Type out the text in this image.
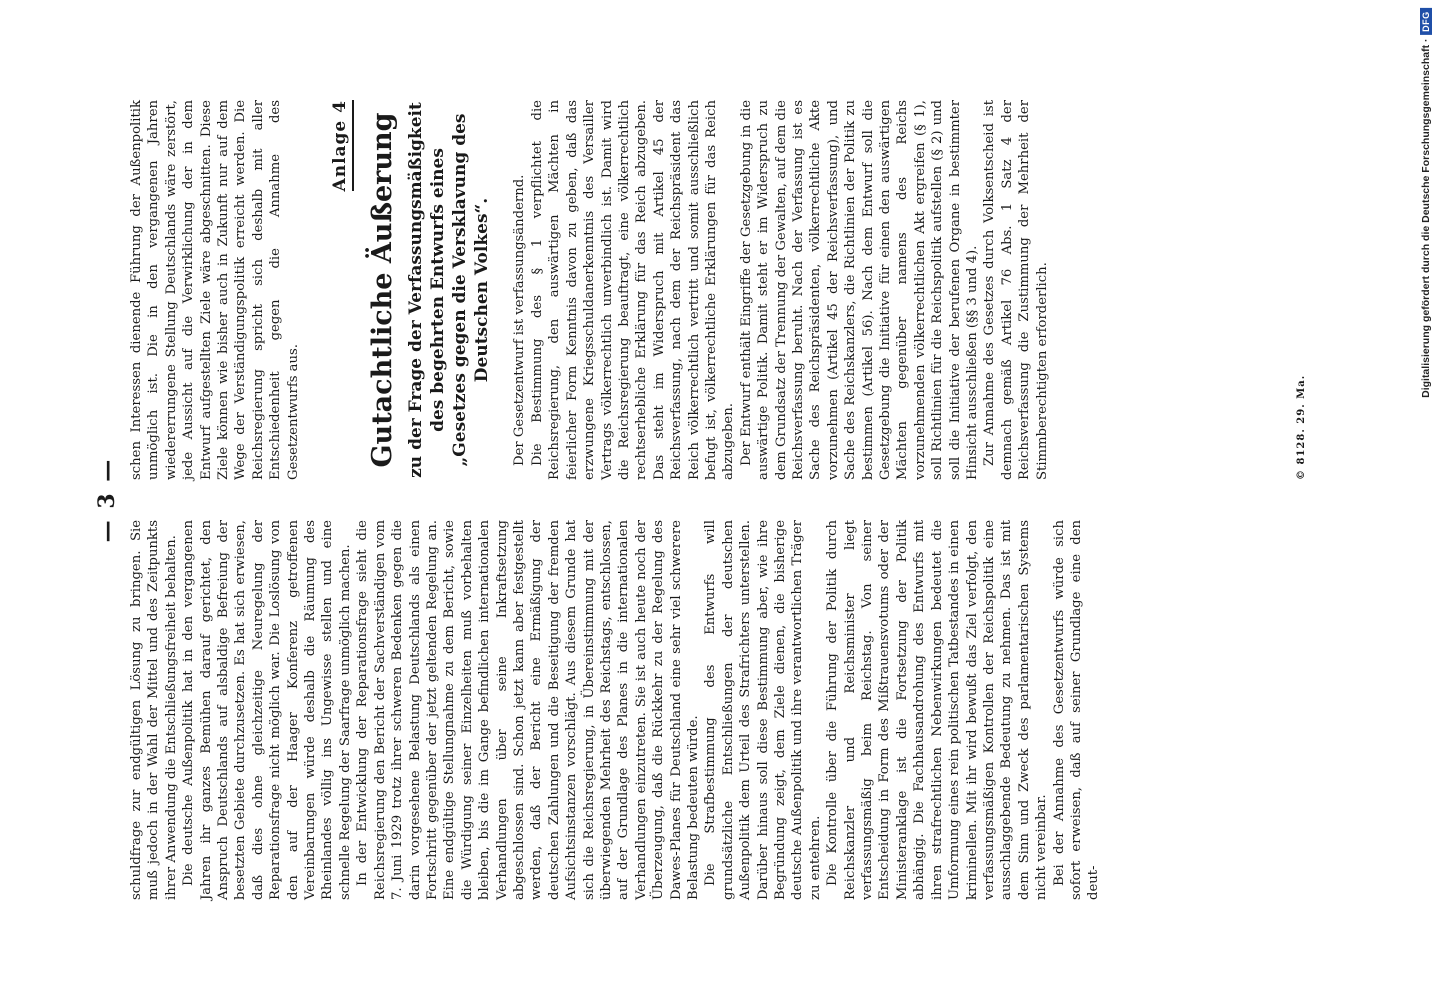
— 3 —

schuldfrage zur endgültigen Lösung zu bringen. Sie muß jedoch in der Wahl der Mittel und des Zeitpunkts ihrer Anwendung die Entschließungsfreiheit behalten. Die deutsche Außenpolitik hat in den vergangenen Jahren ihr ganzes Bemühen darauf gerichtet, den Anspruch Deutschlands auf alsbaldige Befreiung der besetzten Gebiete durchzusetzen. Es hat sich erwiesen, daß dies ohne gleichzeitige Neuregelung der Reparationsfrage nicht möglich war. Die Loslösung von den auf der Haager Konferenz getroffenen Vereinbarungen würde deshalb die Räumung des Rheinlandes völlig ins Ungewisse stellen und eine schnelle Regelung der Saarfrage unmöglich machen. In der Entwicklung der Reparationsfrage sieht die Reichsregierung den Bericht der Sachverständigen vom 7. Juni 1929 trotz ihrer schweren Bedenken gegen die darin vorgesehene Belastung Deutschlands als einen Fortschritt gegenüber der jetzt geltenden Regelung an. Eine endgültige Stellungnahme zu dem Bericht, sowie die Würdigung seiner Einzelheiten muß vorbehalten bleiben, bis die im Gange befindlichen internationalen Verhandlungen über seine Inkraftsetzung abgeschlossen sind. Schon jetzt kann aber festgestellt werden, daß der Bericht eine Ermäßigung der deutschen Zahlungen und die Beseitigung der fremden Aufsichtsinstanzen vorschlägt. Aus diesem Grunde hat sich die Reichsregierung, in Übereinstimmung mit der überwiegenden Mehrheit des Reichstags, entschlossen, auf der Grundlage des Planes in die internationalen Verhandlungen einzutreten. Sie ist auch heute noch der Überzeugung, daß die Rückkehr zu der Regelung des Dawes-Planes für Deutschland eine sehr viel schwerere Belastung bedeuten würde. Die Strafbestimmung des Entwurfs will grundsätzliche Entschließungen der deutschen Außenpolitik dem Urteil des Strafrichters unterstellen. Darüber hinaus soll diese Bestimmung aber, wie ihre Begründung zeigt, dem Ziele dienen, die bisherige deutsche Außenpolitik und ihre verantwortlichen Träger zu entehren. Die Kontrolle über die Führung der Politik durch Reichskanzler und Reichsminister liegt verfassungsmäßig beim Reichstag. Von seiner Entscheidung in Form des Mißtrauensvotums oder der Ministeranklage ist die Fortsetzung der Politik abhängig. Die Fachhausandrohung des Entwurfs mit ihren strafrechtlichen Nebenwirkungen bedeutet die Umformung eines rein politischen Tatbestandes in einen kriminellen. Mit ihr wird bewußt das Ziel verfolgt, den verfassungsmäßigen Kontrollen der Reichspolitik eine ausschlaggebende Bedeutung zu nehmen. Das ist mit dem Sinn und Zweck des parlamentarischen Systems nicht vereinbar. Bei der Annahme des Gesetzentwurfs würde sich sofort erweisen, daß auf seiner Grundlage eine den deut-

schen Interessen dienende Führung der Außenpolitik unmöglich ist. Die in den vergangenen Jahren wiedererrungene Stellung Deutschlands wäre zerstört, jede Aussicht auf die Verwirklichung der in dem Entwurf aufgestellten Ziele wäre abgeschnitten. Diese Ziele können wie bisher auch in Zukunft nur auf dem Wege der Verständigungspolitik erreicht werden. Die Reichsregierung spricht sich deshalb mit aller Entschiedenheit gegen die Annahme des Gesetzentwurfs aus.

Anlage 4 Gutachtliche Äußerung zu der Frage der Verfassungsmäßigkeit des begehrten Entwurfs eines „Gesetzes gegen die Versklavung des Deutschen Volkes“. Der Gesetzentwurf ist verfassungsändernd. Die Bestimmung des § 1 verpflichtet die Reichsregierung, den auswärtigen Mächten in feierlicher Form Kenntnis davon zu geben, daß das erzwungene Kriegsschuldanerkenntnis des Versailler Vertrags völkerrechtlich unverbindlich ist. Damit wird die Reichsregierung beauftragt, eine völkerrechtlich rechtserhebliche Erklärung für das Reich abzugeben. Das steht im Widerspruch mit Artikel 45 der Reichsverfassung, nach dem der Reichspräsident das Reich völkerrechtlich vertritt und somit ausschließlich befugt ist, völkerrechtliche Erklärungen für das Reich abzugeben. Der Entwurf enthält Eingriffe der Gesetzgebung in die auswärtige Politik. Damit steht er im Widerspruch zu dem Grundsatz der Trennung der Gewalten, auf dem die Reichsverfassung beruht. Nach der Verfassung ist es Sache des Reichspräsidenten, völkerrechtliche Akte vorzunehmen (Artikel 45 der Reichsverfassung), und Sache des Reichskanzlers, die Richtlinien der Politik zu bestimmen (Artikel 56). Nach dem Entwurf soll die Gesetzgebung die Initiative für einen den auswärtigen Mächten gegenüber namens des Reichs vorzunehmenden völkerrechtlichen Akt ergreifen (§ 1), soll Richtlinien für die Reichspolitik aufstellen (§ 2) und soll die Initiative der berufenen Organe in bestimmter Hinsicht ausschließen (§§ 3 und 4). Zur Annahme des Gesetzes durch Volksentscheid ist demnach gemäß Artikel 76 Abs. 1 Satz 4 der Reichsverfassung die Zustimmung der Mehrheit der Stimmberechtigten erforderlich.	© 8128. 29. Ma.
Digitalisierung gefördert durch die Deutsche Forschungsgemeinschaft ·
DFG
